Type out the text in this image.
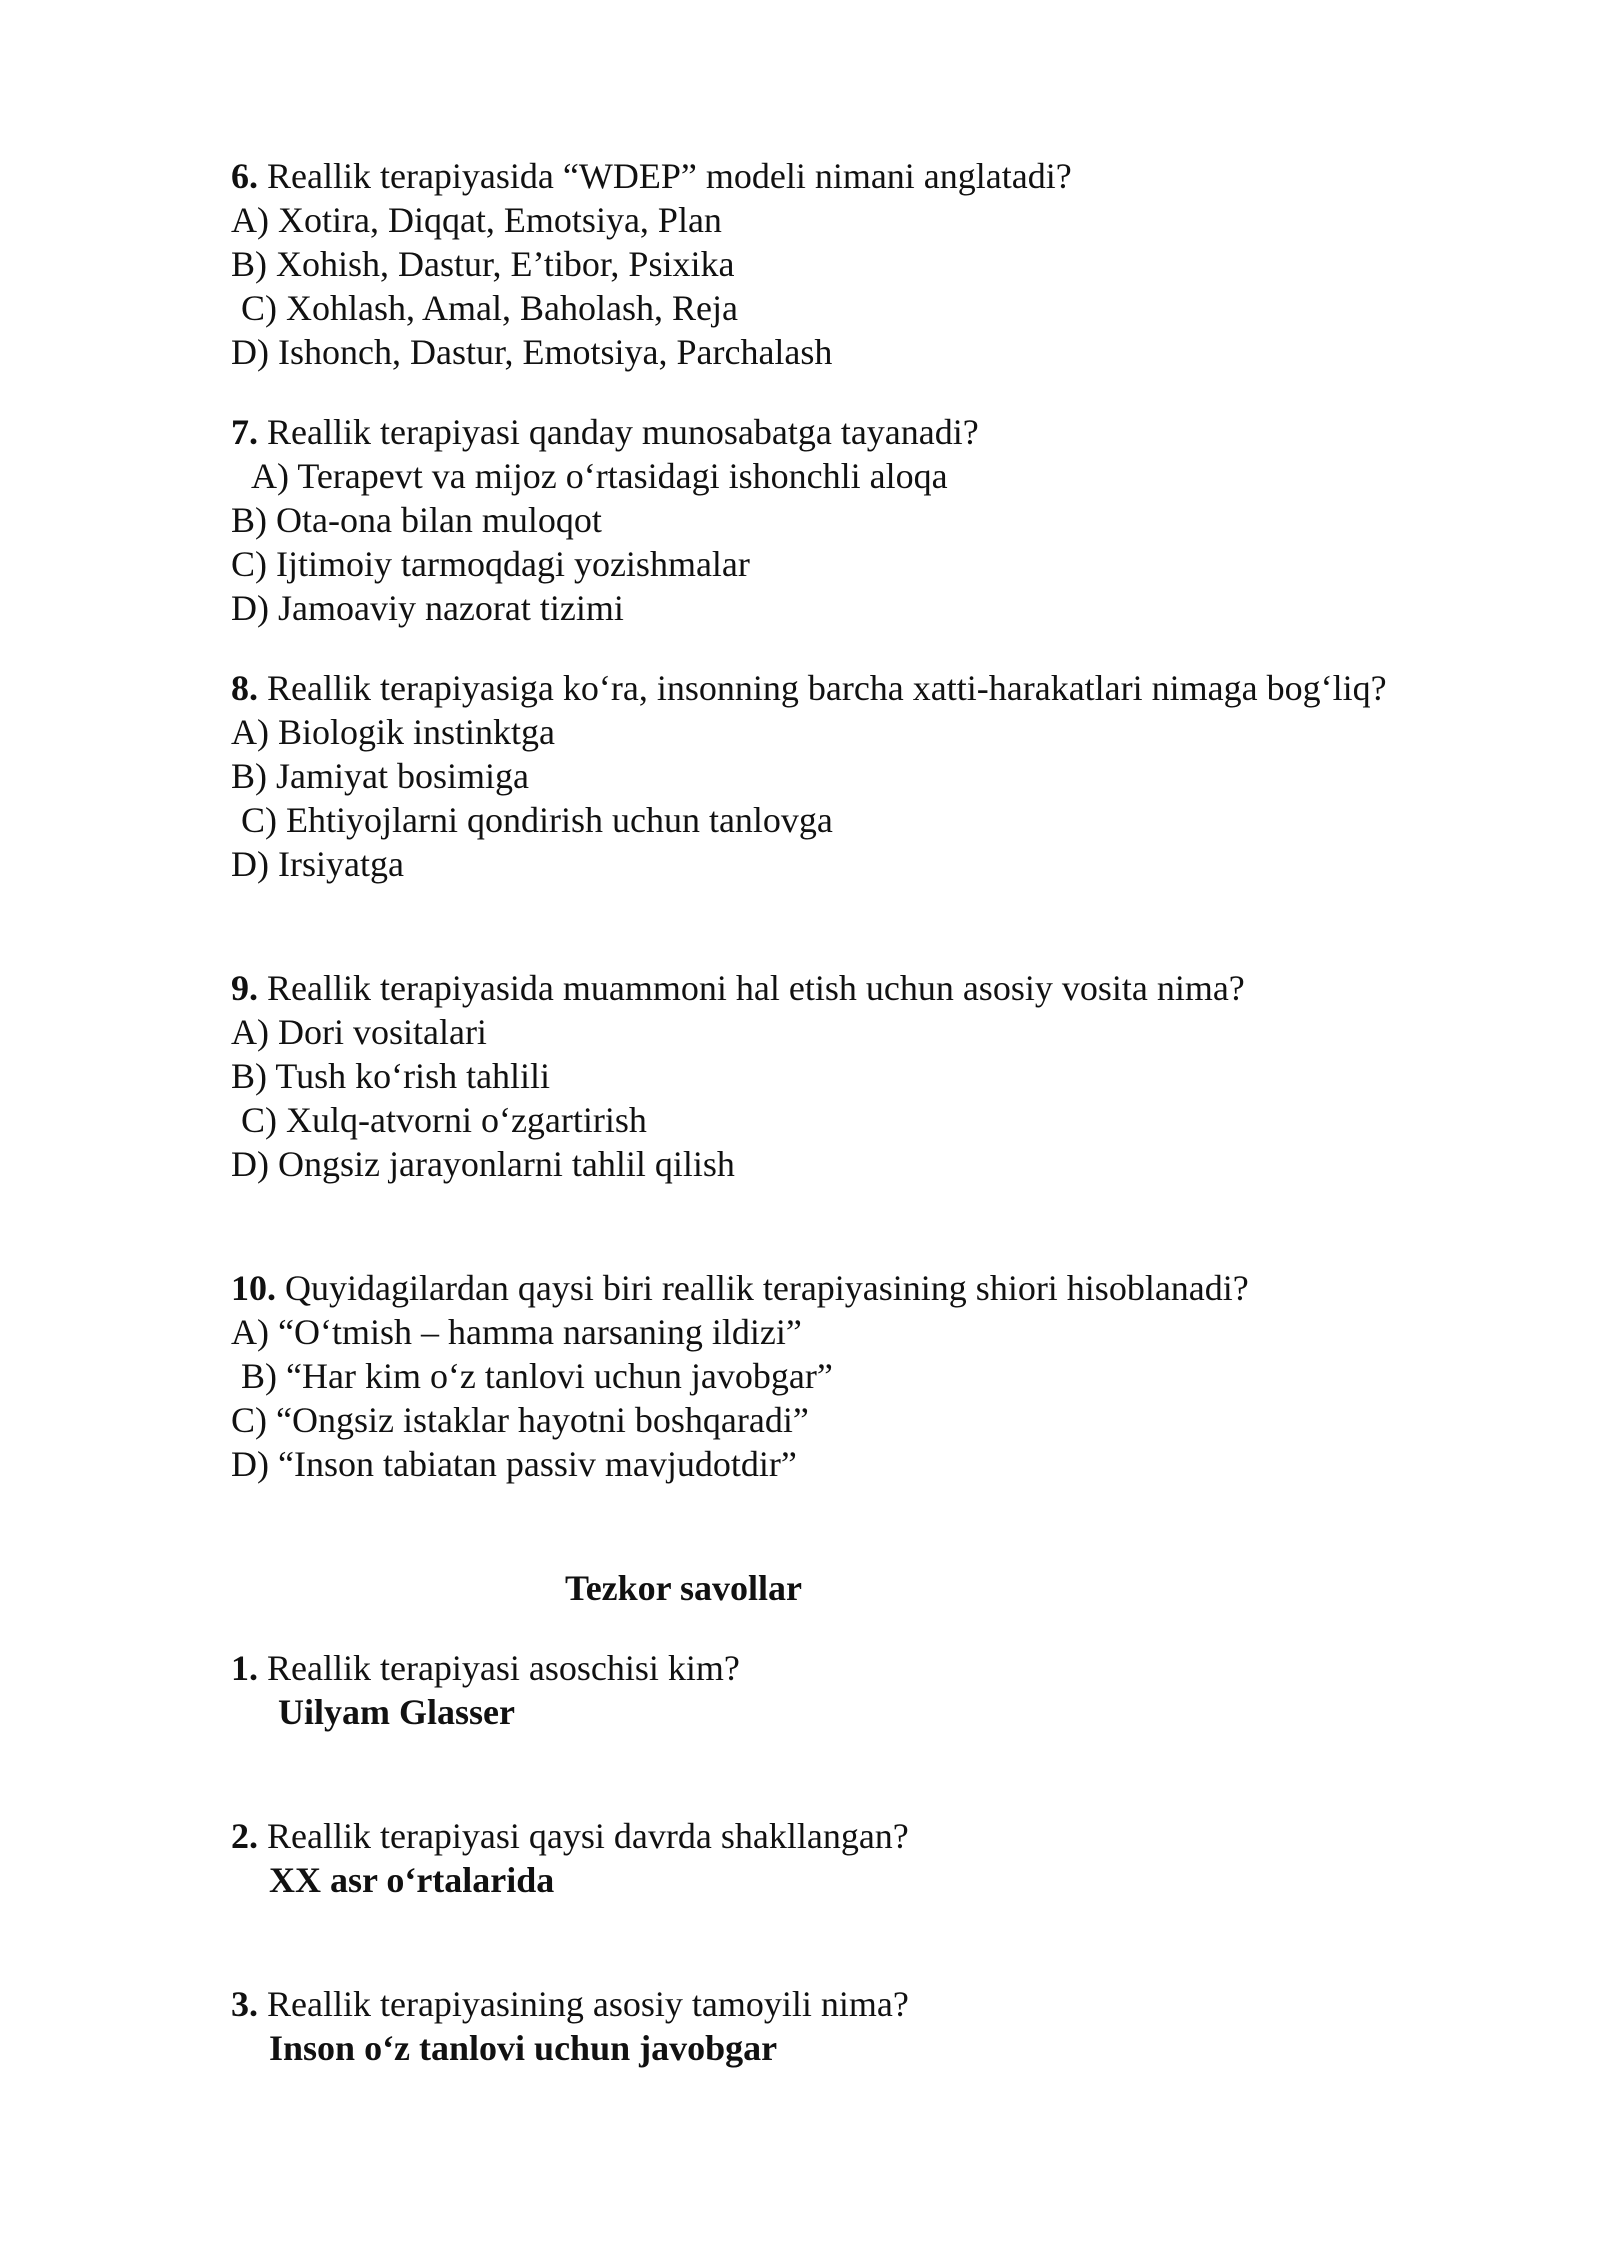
6. Reallik terapiyasida “WDEP” modeli nimani anglatadi?
A) Xotira, Diqqat, Emotsiya, Plan
B) Xohish, Dastur, E’tibor, Psixika
C) Xohlash, Amal, Baholash, Reja
D) Ishonch, Dastur, Emotsiya, Parchalash
7. Reallik terapiyasi qanday munosabatga tayanadi?
A) Terapevt va mijoz o‘rtasidagi ishonchli aloqa
B) Ota-ona bilan muloqot
C) Ijtimoiy tarmoqdagi yozishmalar
D) Jamoaviy nazorat tizimi
8. Reallik terapiyasiga ko‘ra, insonning barcha xatti-harakatlari nimaga bog‘liq?
A) Biologik instinktga
B) Jamiyat bosimiga
C) Ehtiyojlarni qondirish uchun tanlovga
D) Irsiyatga
9. Reallik terapiyasida muammoni hal etish uchun asosiy vosita nima?
A) Dori vositalari
B) Tush ko‘rish tahlili
C) Xulq-atvorni o‘zgartirish
D) Ongsiz jarayonlarni tahlil qilish
10. Quyidagilardan qaysi biri reallik terapiyasining shiori hisoblanadi?
A) “O‘tmish – hamma narsaning ildizi”
B) “Har kim o‘z tanlovi uchun javobgar”
C) “Ongsiz istaklar hayotni boshqaradi”
D) “Inson tabiatan passiv mavjudotdir”
Tezkor savollar
1. Reallik terapiyasi asoschisi kim?
Uilyam Glasser
2. Reallik terapiyasi qaysi davrda shakllangan?
XX asr o‘rtalarida
3. Reallik terapiyasining asosiy tamoyili nima?
Inson o‘z tanlovi uchun javobgar
